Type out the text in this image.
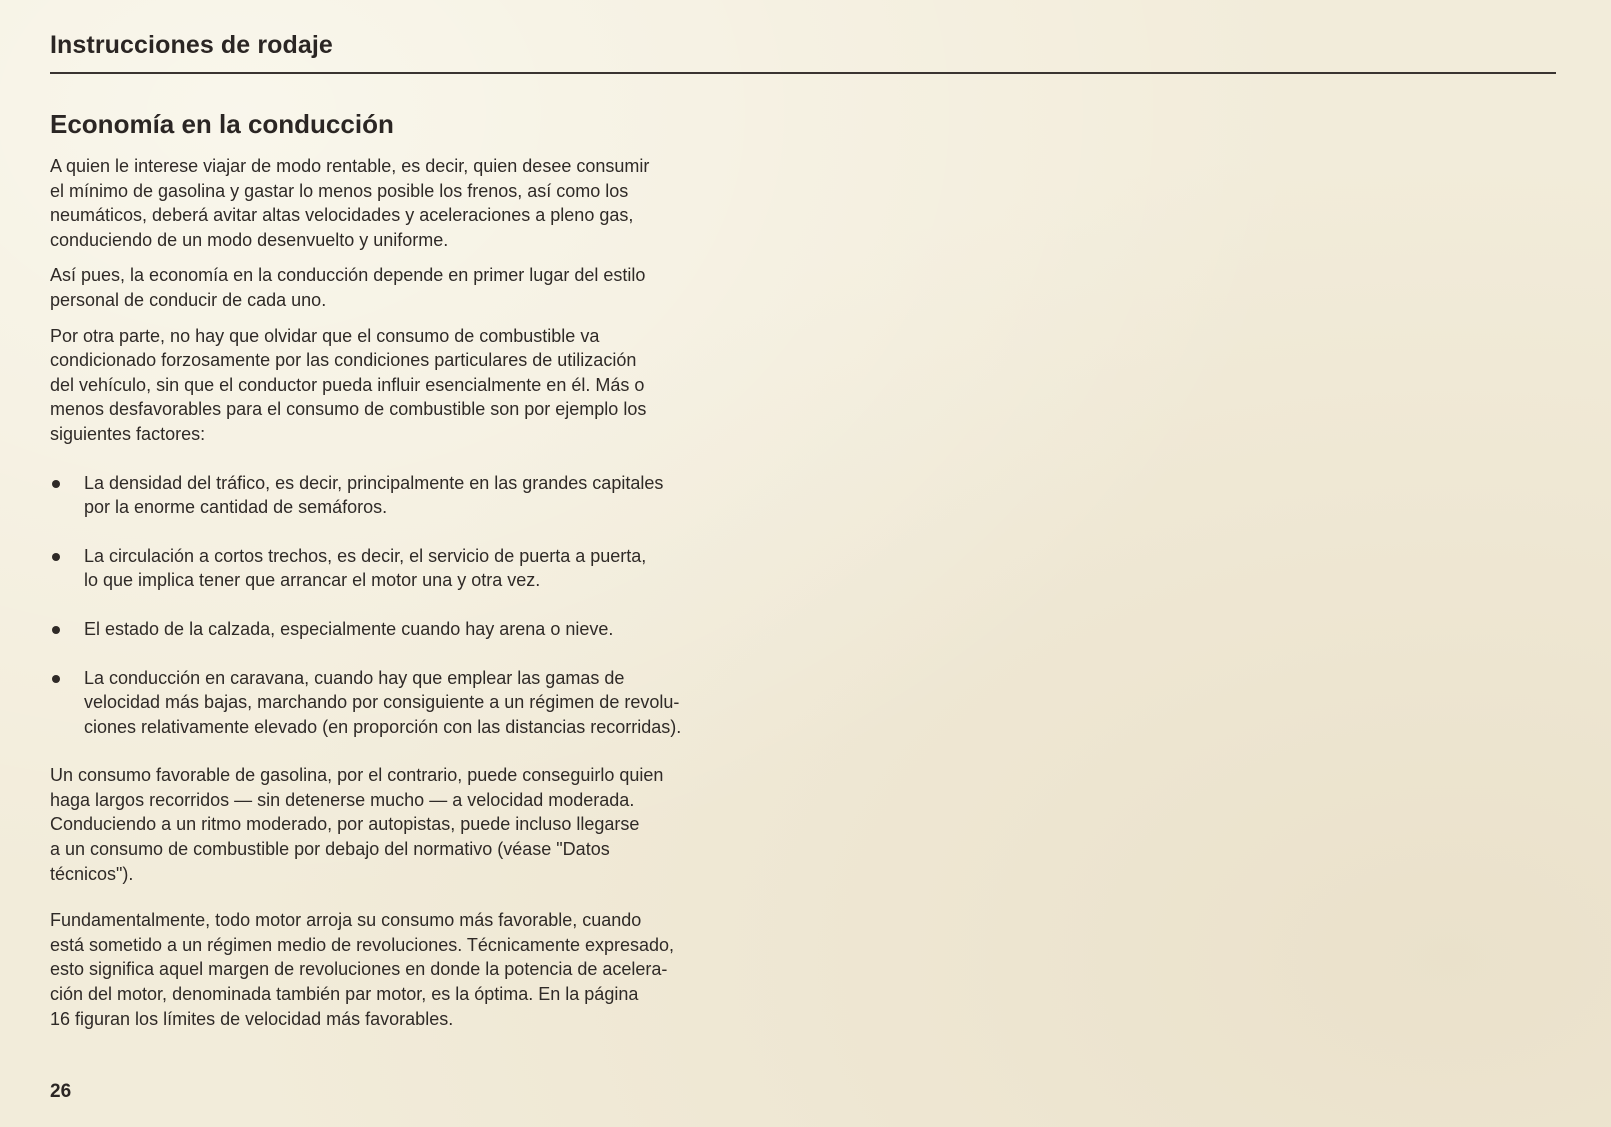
Instrucciones de rodaje
Economía en la conducción
A quien le interese viajar de modo rentable, es decir, quien desee consumir
el mínimo de gasolina y gastar lo menos posible los frenos, así como los
neumáticos, deberá avitar altas velocidades y aceleraciones a pleno gas,
conduciendo de un modo desenvuelto y uniforme.
Así pues, la economía en la conducción depende en primer lugar del estilo
personal de conducir de cada uno.
Por otra parte, no hay que olvidar que el consumo de combustible va
condicionado forzosamente por las condiciones particulares de utilización
del vehículo, sin que el conductor pueda influir esencialmente en él. Más o
menos desfavorables para el consumo de combustible son por ejemplo los
siguientes factores:
La densidad del tráfico, es decir, principalmente en las grandes capitales
por la enorme cantidad de semáforos.
La circulación a cortos trechos, es decir, el servicio de puerta a puerta,
lo que implica tener que arrancar el motor una y otra vez.
El estado de la calzada, especialmente cuando hay arena o nieve.
La conducción en caravana, cuando hay que emplear las gamas de
velocidad más bajas, marchando por consiguiente a un régimen de revolu-
ciones relativamente elevado (en proporción con las distancias recorridas).
Un consumo favorable de gasolina, por el contrario, puede conseguirlo quien
haga largos recorridos — sin detenerse mucho — a velocidad moderada.
Conduciendo a un ritmo moderado, por autopistas, puede incluso llegarse
a un consumo de combustible por debajo del normativo (véase "Datos
técnicos").
Fundamentalmente, todo motor arroja su consumo más favorable, cuando
está sometido a un régimen medio de revoluciones. Técnicamente expresado,
esto significa aquel margen de revoluciones en donde la potencia de acelera-
ción del motor, denominada también par motor, es la óptima. En la página
16 figuran los límites de velocidad más favorables.
26
